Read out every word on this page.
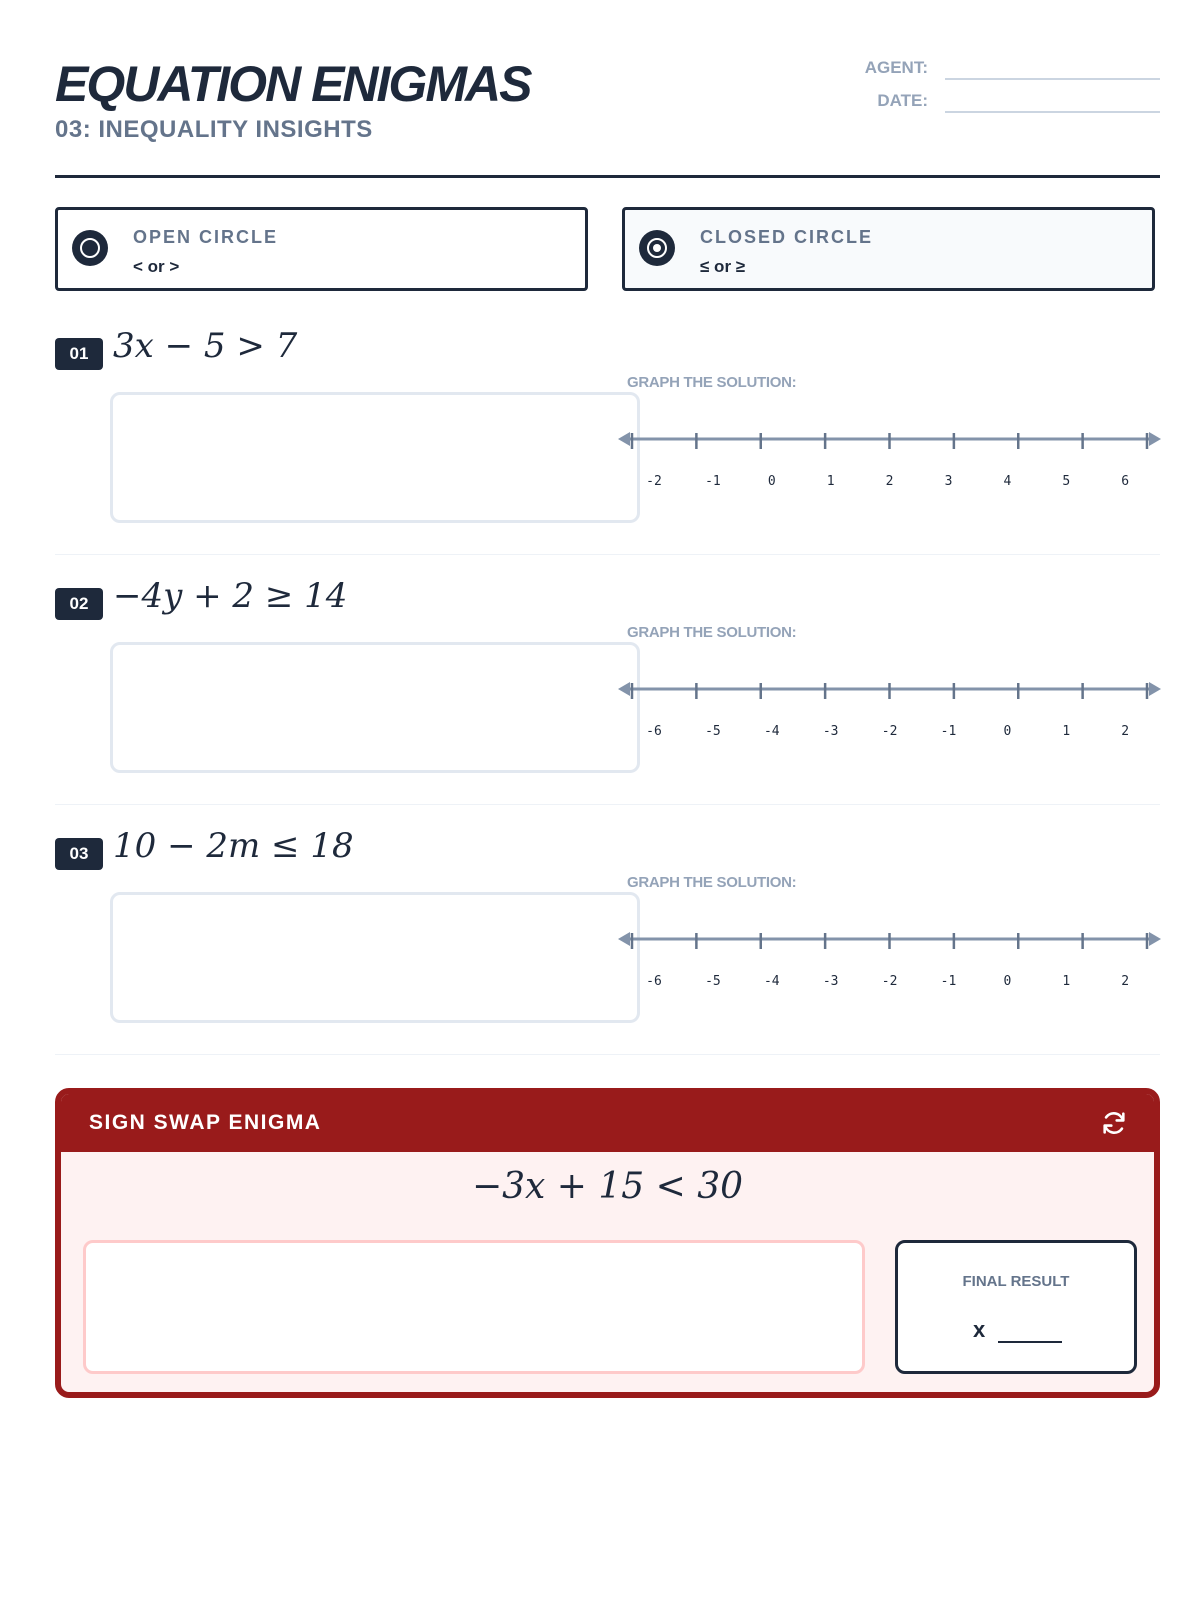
EQUATION ENIGMAS
03: INEQUALITY INSIGHTS
AGENT:
DATE:
OPEN CIRCLE
< or >
CLOSED CIRCLE
≤ or ≥
01 3x − 5 > 7
GRAPH THE SOLUTION:
-2	-1	0	1	2	3	4	5	6
02 −4y + 2 ≥ 14
GRAPH THE SOLUTION:
-6	-5	-4	-3	-2	-1	0	1	2
03 10 − 2m ≤ 18
GRAPH THE SOLUTION:
-6	-5	-4	-3	-2	-1	0	1	2
SIGN SWAP ENIGMA
−3x + 15 < 30
FINAL RESULT
x
